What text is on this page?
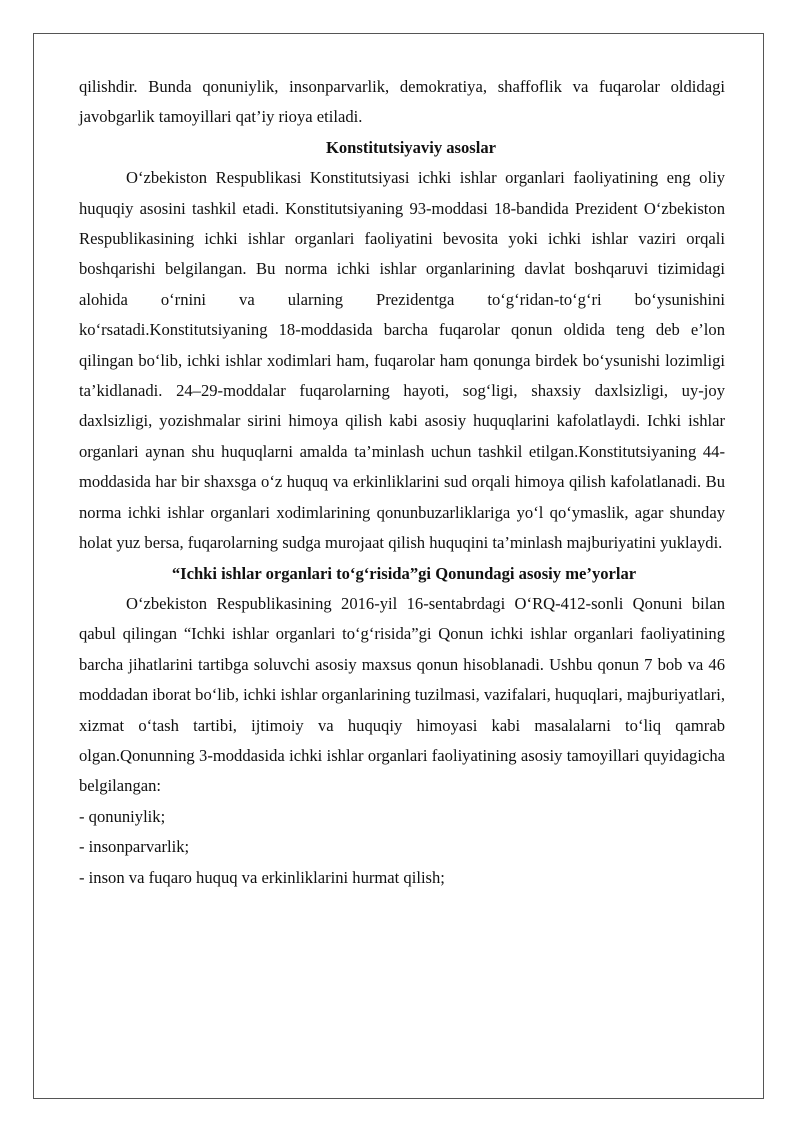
qilishdir. Bunda qonuniylik, insonparvarlik, demokratiya, shaffoflik va fuqarolar oldidagi javobgarlik tamoyillari qat’iy rioya etiladi.

Konstitutsiyaviy asoslar

O‘zbekiston Respublikasi Konstitutsiyasi ichki ishlar organlari faoliyatining eng oliy huquqiy asosini tashkil etadi. Konstitutsiyaning 93-moddasi 18-bandida Prezident O‘zbekiston Respublikasining ichki ishlar organlari faoliyatini bevosita yoki ichki ishlar vaziri orqali boshqarishi belgilangan. Bu norma ichki ishlar organlarining davlat boshqaruvi tizimidagi alohida o‘rnini va ularning Prezidentga to‘g‘ridan-to‘g‘ri bo‘ysunishini ko‘rsatadi.Konstitutsiyaning 18-moddasida barcha fuqarolar qonun oldida teng deb e’lon qilingan bo‘lib, ichki ishlar xodimlari ham, fuqarolar ham qonunga birdek bo‘ysunishi lozimligi ta’kidlanadi. 24–29-moddalar fuqarolarning hayoti, sog‘ligi, shaxsiy daxlsizligi, uy-joy daxlsizligi, yozishmalar sirini himoya qilish kabi asosiy huquqlarini kafolatlaydi. Ichki ishlar organlari aynan shu huquqlarni amalda ta’minlash uchun tashkil etilgan.Konstitutsiyaning 44-moddasida har bir shaxsga o‘z huquq va erkinliklarini sud orqali himoya qilish kafolatlanadi. Bu norma ichki ishlar organlari xodimlarining qonunbuzarliklariga yo‘l qo‘ymaslik, agar shunday holat yuz bersa, fuqarolarning sudga murojaat qilish huquqini ta’minlash majburiyatini yuklaydi.

“Ichki ishlar organlari to‘g‘risida”gi Qonundagi asosiy me’yorlar

O‘zbekiston Respublikasining 2016-yil 16-sentabrdagi O‘RQ-412-sonli Qonuni bilan qabul qilingan “Ichki ishlar organlari to‘g‘risida”gi Qonun ichki ishlar organlari faoliyatining barcha jihatlarini tartibga soluvchi asosiy maxsus qonun hisoblanadi. Ushbu qonun 7 bob va 46 moddadan iborat bo‘lib, ichki ishlar organlarining tuzilmasi, vazifalari, huquqlari, majburiyatlari, xizmat o‘tash tartibi, ijtimoiy va huquqiy himoyasi kabi masalalarni to‘liq qamrab olgan.Qonunning 3-moddasida ichki ishlar organlari faoliyatining asosiy tamoyillari quyidagicha belgilangan:

- qonuniylik;
- insonparvarlik;
- inson va fuqaro huquq va erkinliklarini hurmat qilish;
